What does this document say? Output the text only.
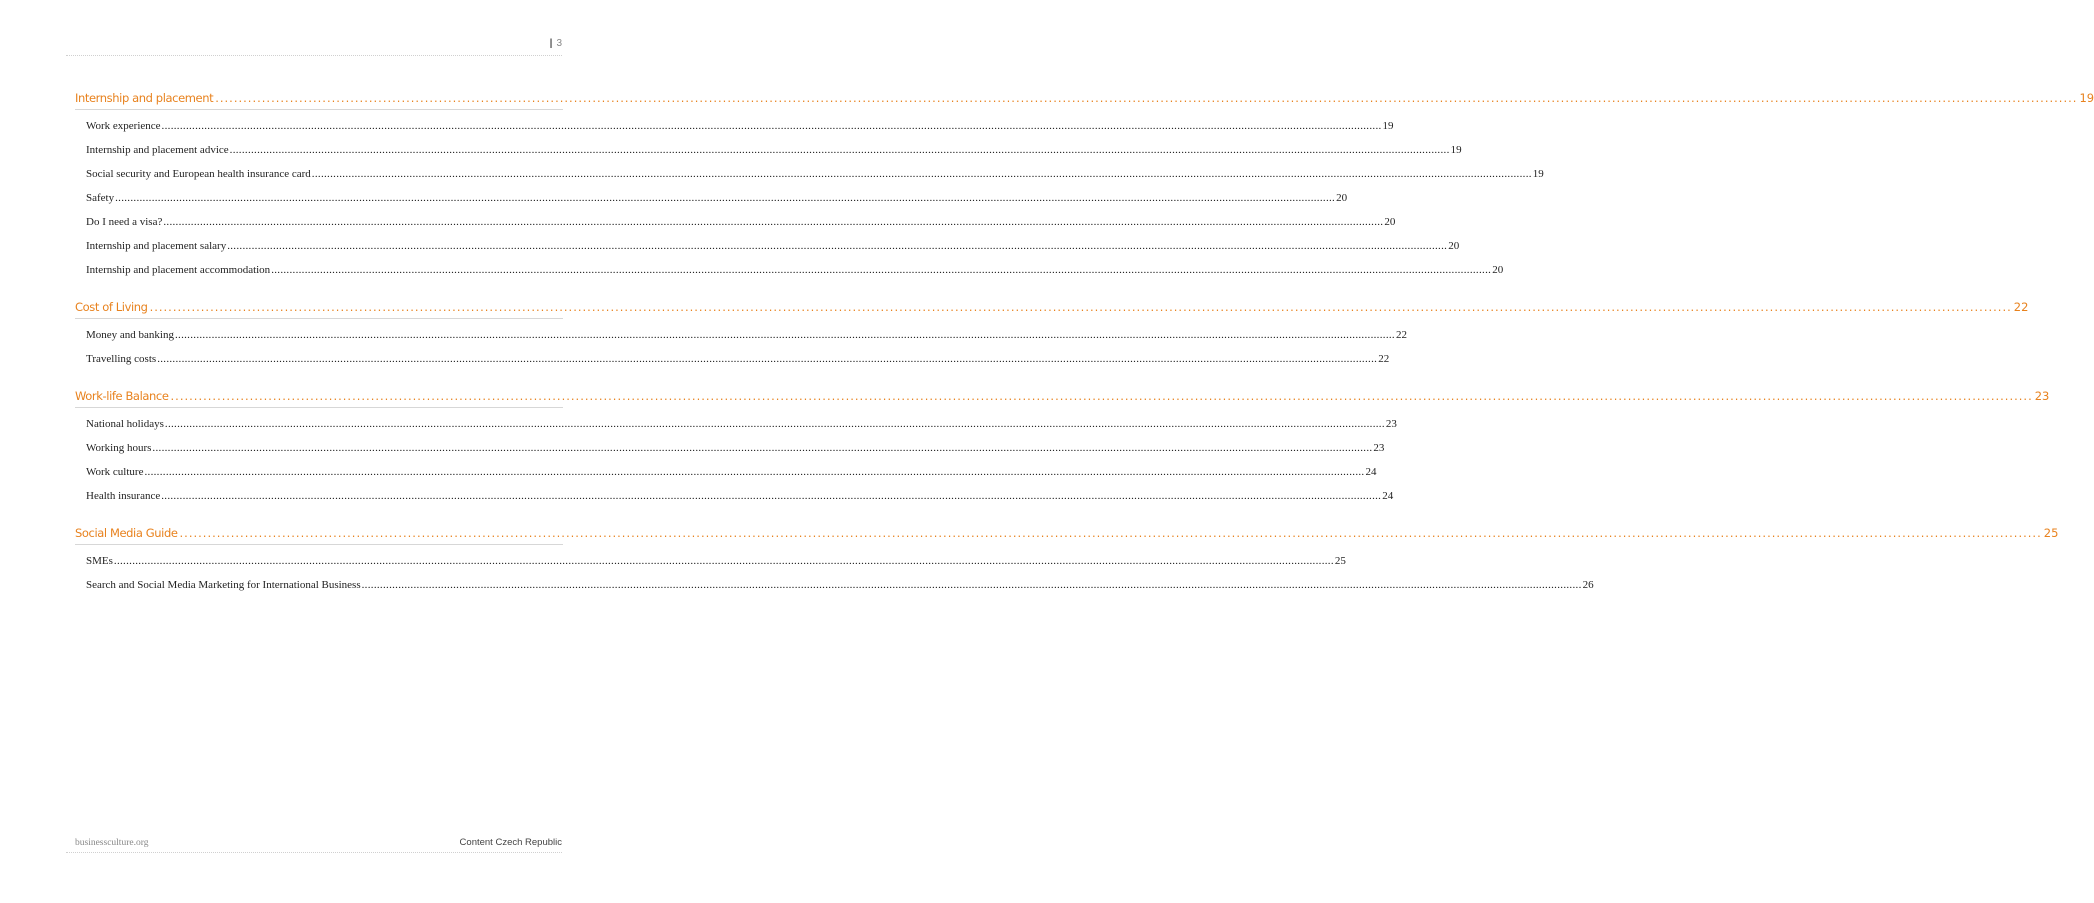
| 3
Internship and placement ................................................................................................................................................................................................................................................................................................................................................................................................................ 19
Work experience ................................................................................................................................................................................................................................................................................................................................................................................................................ 19
Internship and placement advice ................................................................................................................................................................................................................................................................................................................................................................................................................ 19
Social security and European health insurance card ................................................................................................................................................................................................................................................................................................................................................................................................................ 19
Safety ................................................................................................................................................................................................................................................................................................................................................................................................................ 20
Do I need a visa? ................................................................................................................................................................................................................................................................................................................................................................................................................ 20
Internship and placement salary ................................................................................................................................................................................................................................................................................................................................................................................................................ 20
Internship and placement accommodation ................................................................................................................................................................................................................................................................................................................................................................................................................ 20
Cost of Living ................................................................................................................................................................................................................................................................................................................................................................................................................ 22
Money and banking ................................................................................................................................................................................................................................................................................................................................................................................................................ 22
Travelling costs ................................................................................................................................................................................................................................................................................................................................................................................................................ 22
Work-life Balance ................................................................................................................................................................................................................................................................................................................................................................................................................ 23
National holidays ................................................................................................................................................................................................................................................................................................................................................................................................................ 23
Working hours ................................................................................................................................................................................................................................................................................................................................................................................................................ 23
Work culture ................................................................................................................................................................................................................................................................................................................................................................................................................ 24
Health insurance ................................................................................................................................................................................................................................................................................................................................................................................................................ 24
Social Media Guide ................................................................................................................................................................................................................................................................................................................................................................................................................ 25
SMEs ................................................................................................................................................................................................................................................................................................................................................................................................................ 25
Search and Social Media Marketing for International Business ................................................................................................................................................................................................................................................................................................................................................................................................................ 26
businessculture.org	Content Czech Republic
